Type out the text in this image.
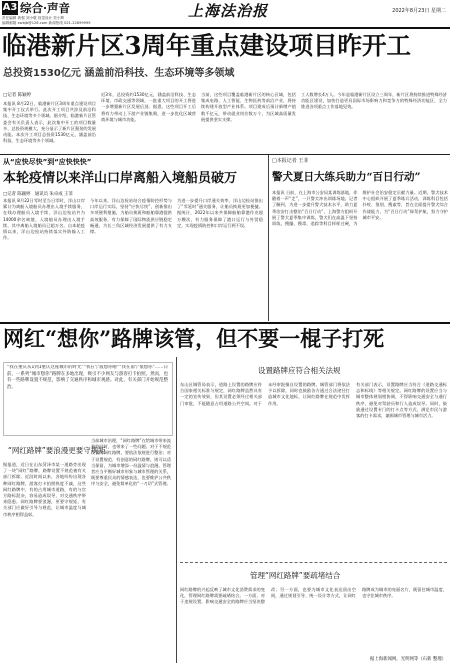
A3 综合·声音
责任编辑 黄强 刘小敬 视觉设计 奕小辉
编辑邮箱 xwbjb@126.com 新闻热线 021-22899999
上海法治报	2022年8月23日 星期二
临港新片区3周年重点建设项目昨开工
总投资1530亿元 涵盖前沿科技、生态环境等多领域
□记者 陈颖婷
本报讯 8月22日，临港新片区3周年重点建设项目集中开工仪式举行。此次开工项目共涉及前沿科技、生态环境等多个领域。据介绍，临港新片区管委会有关负责人表示，此次集中开工的项目数量多、总投资规模大，充分显示了新片区强劲的发展动能。本次开工项目总投资1530亿元，涵盖前沿科技、生态环境等多个领域。
近3年，总投资约1530亿元，涵盖前沿科技、生态环境、市政交通等领域，一批重大项目的开工将进一步增强新片区发展后劲。据悉，这些项目开工后将有力带动上下游产业链集聚，进一步优化区域营商环境与城市功能。
当前，这些项目覆盖临港新片区的核心区域，包括集成电路、人工智能、生物医药等前沿产业，将持续构建开放型产业体系。项目建成后预计新增产值数千亿元，带动就业岗位数万个，为区域高质量发展提供坚实支撑。
工人数增长4万人。今年是临港新片区设立三周年，新片区将持续推进特殊经济功能区建设，加快打造更具国际市场影响力和竞争力的特殊经济功能区，全力推进各项重点工作落地见效。
从“应快尽快”到“应快快快”
本轮疫情以来洋山口岸离船入境船员破万
□记者 陈颖婷　通讯员 朱卓成 王菲
本报讯 8月22日零时至当日零时，洋山口岸累计为离船入境船员办理出入境手续服务，在线办理船员入境手续，洋山边检站共为14000余名离境、入境船员办理出入境手续，其中离船入境船员已超万名。自本轮疫情以来，洋山边检站持续落实外防输入工作。
今年以来，洋山边检站结合疫情防控形势与口岸运行实际，坚持“应快尽快”，创新推出多项便利措施，为船员换班和船舶靠港提供高效服务，有力保障了国际物流供应链稳定畅通，为长三角区域经济发展提供了有力支撑。
为进一步提升口岸通关效率，洋山边检站推出了“零延时”通关服务，让船员换班更加便捷。据统计，2022年以来共保障船舶靠港作业超万艘次，有力服务保障了港口运行与外贸稳定，实现疫情防控和口岸运行两不误。
□本报记者 王菲
警犬夏日大练兵助力“百日行动”
本报讯 日前，在上海市公安局某训练基地，伴随着一声“走”，一只警犬冲出训练场地。记者了解到，为进一步提升警犬技术水平，助力夏季治安打击整治“百日行动”，上海警方组织开展了警犬夏季集中训练，警犬们在高温下坚持训练，搜爆、搜毒、追踪等科目样样过硬，为维护社会治安稳定贡献力量。近期，警犬技术中心组织开展了夏季练兵活动，训练科目包括扑咬、鉴别、搜索等，旨在全面提升警犬综合作战能力，为“百日行动”保驾护航，努力守护城市平安。
网红“想你”路牌该管，但不要一棍子打死
“我在重庆从1到1重庆这座城市的时光”“我在宁波想你啦”“我在南宁很想你”……日前，一系列“城市想你”路牌在多地出现，吸引不少网友与游客打卡拍照。然而，也有一些路牌设置不规范，影响了交通秩序和城市观感。对此，有关部门开始规范整治。
“网红路牌”要浪漫更要守规矩
据报道，近日在山东菏泽市某一道路旁出现了一块“网红”路牌，路牌设置不规范被有关部门拆除。近段时间以来，各地纷纷出现各种网红路牌，游客打卡拍照热度不减，这些网红路牌中，有的占用城市道路，有的与官方路标混杂，容易造成误导，对交通秩序带来隐患。网红路牌要浪漫，更要守规矩，有关部门应做好引导与规范，让城市温度与城市秩序相得益彰。
当前城市治理，“网红路牌”在给城市带来流量的同时，也带来了一些问题。对于不规范设置的网红路牌，要依法依规进行整治；对于设置规范、有创意的网红路牌，则可以适当保留，为城市增添一份温情与浪漫。管理者应当平衡好城市形象与城市管理的关系，既要尊重民众的情感表达，也要维护公共秩序与安全，避免简单化的“一刀切”式管理。
设置路牌应符合相关法规
东山区城管局表示，道路上设置的路牌应符合国家相关标准与规定，网红路牌虽然具有一定的宣传效果，但其设置必须经过相关部门审批，不能随意占用道路公共空间。对于未经审批擅自设置的路牌，城管部门将依法予以拆除，同时也鼓励各方通过合法途径打造城市文化地标，让网红路牌在规范中发挥作用。
有关部门表示，设置路牌应当符合《道路交通标志和标线》等相关规定。网红路牌的设置应当与城市整体规划相协调，不得影响交通安全与通行秩序，避免对驾驶员和行人造成误导。同时，鼓励通过设置专门的打卡点等方式，满足市民与游客的打卡需求，兼顾城市管理与城市活力。
管理“网红路牌”要疏堵结合
网红路牌的兴起反映了城市文化消费需求的变化，管理网红路牌需要疏堵结合。一方面，对于违规设置、影响交通安全的路牌应当坚决整改；另一方面，也要为城市文化表达留出空间，通过规划引导、统一设计等方式，让网红路牌成为城市的亮丽名片，既留住城市温度，也守住城市秩序。
据上海新闻网、光明网等（石新 整理）
